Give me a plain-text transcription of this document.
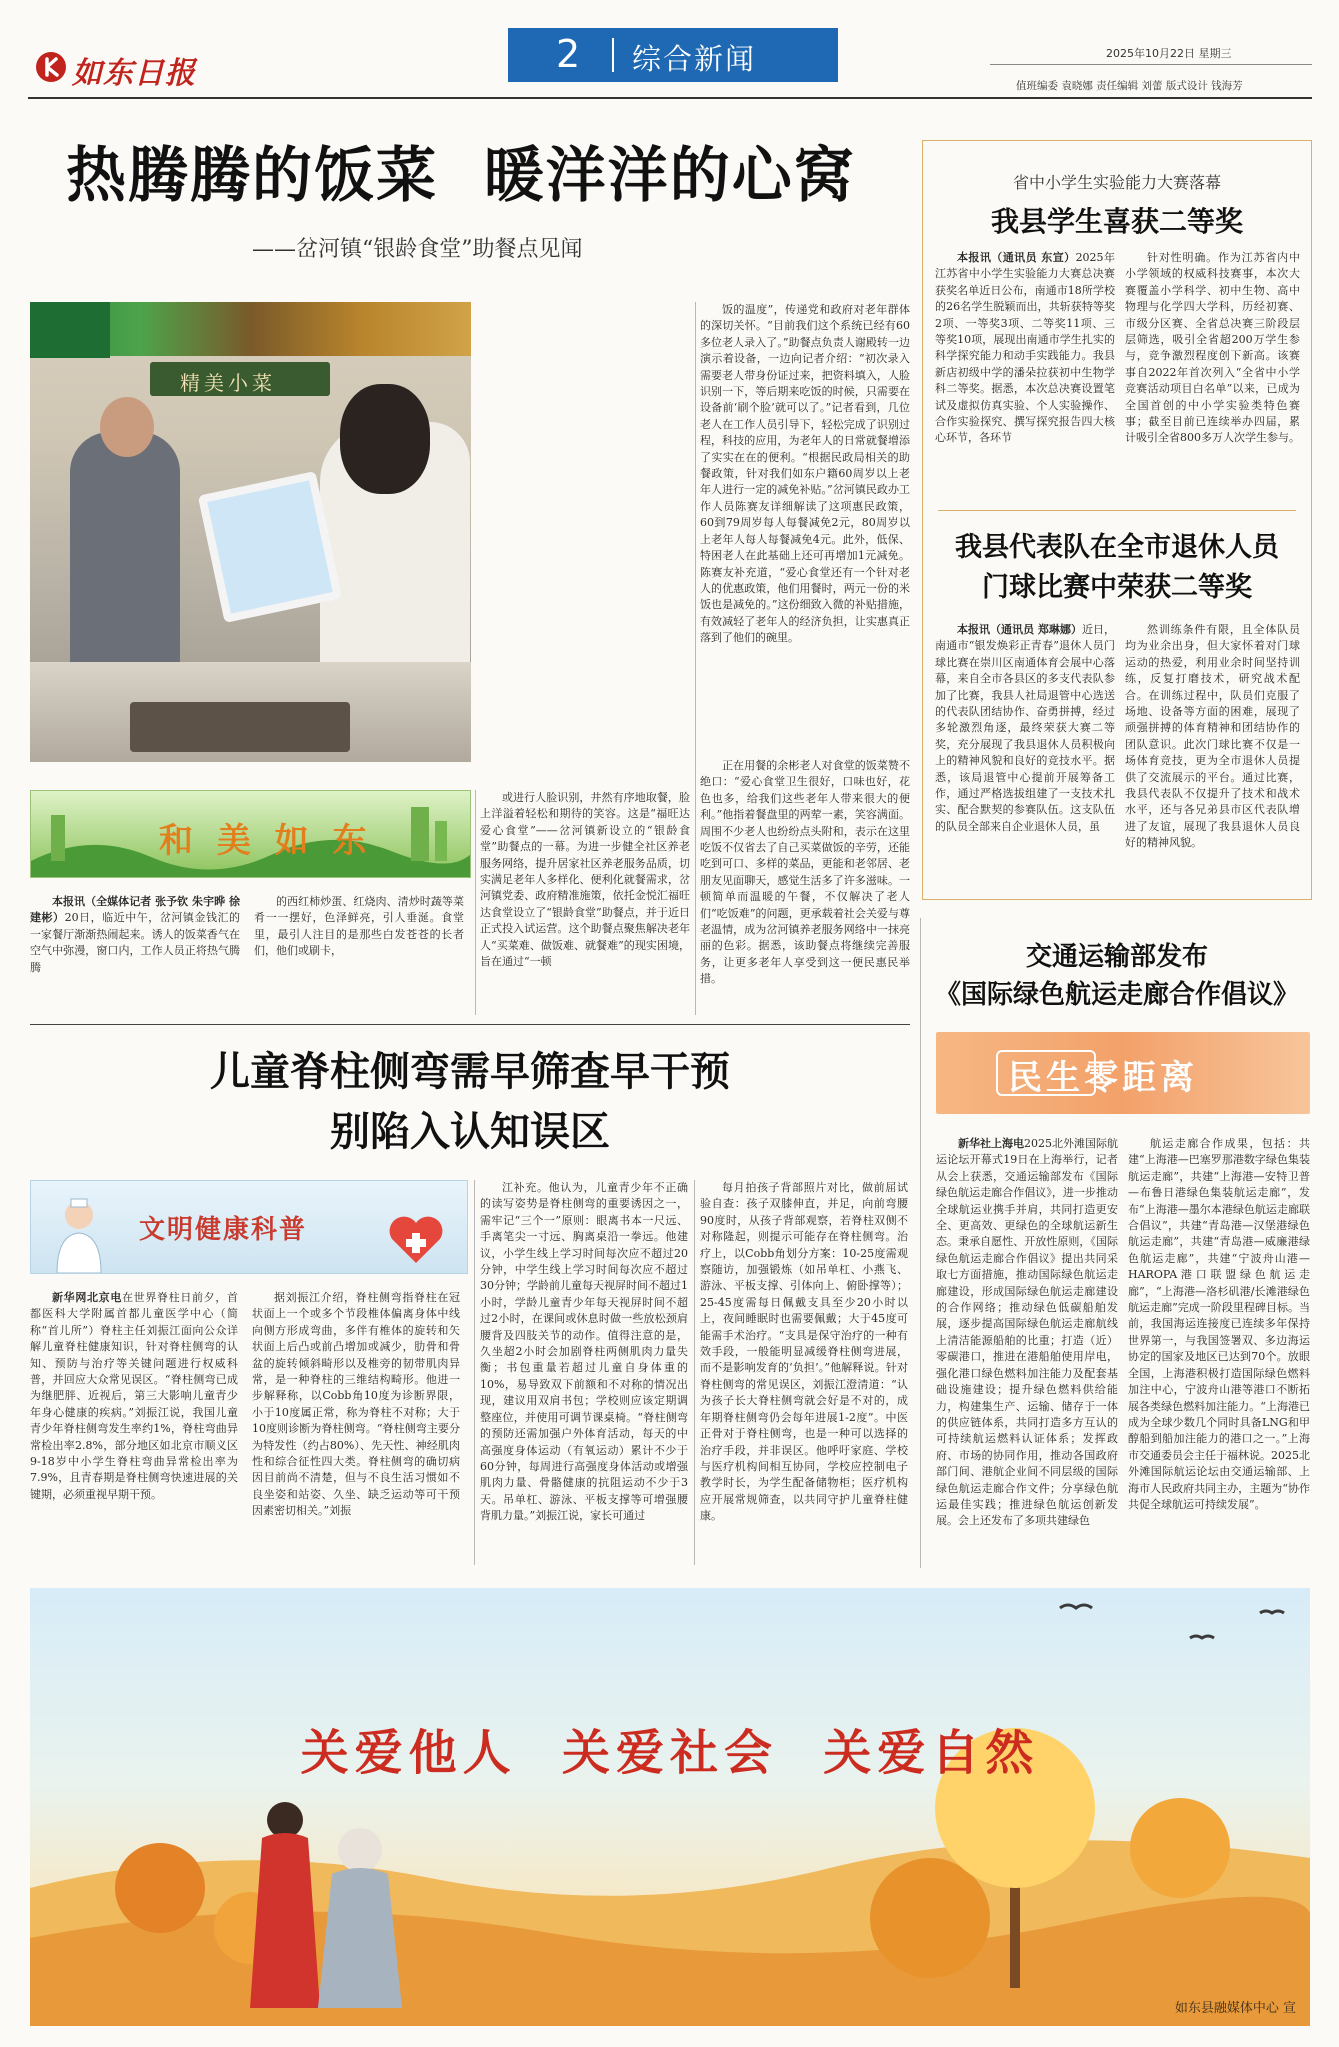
如东日报	2 综合新闻	2025年10月22日 星期三
值班编委 袁晓娜 责任编辑 刘蕾 版式设计 钱海芳
热腾腾的饭菜  暖洋洋的心窝
——岔河镇“银龄食堂”助餐点见闻
精美小菜
和 美 如 东
本报讯（全媒体记者 张予钦 朱宇晔 徐建彬）20日，临近中午，岔河镇金钱汇的一家餐厅渐渐热闹起来。诱人的饭菜香气在空气中弥漫，窗口内，工作人员正将热气腾腾
的西红柿炒蛋、红烧肉、清炒时蔬等菜肴一一摆好，色泽鲜亮，引人垂涎。食堂里，最引人注目的是那些白发苍苍的长者们，他们或刷卡，
或进行人脸识别，井然有序地取餐，脸上洋溢着轻松和期待的笑容。这是“福旺达爱心食堂”——岔河镇新设立的“银龄食堂”助餐点的一幕。为进一步健全社区养老服务网络，提升居家社区养老服务品质，切实满足老年人多样化、便利化就餐需求，岔河镇党委、政府精准施策，依托金悦汇福旺达食堂设立了“银龄食堂”助餐点，并于近日正式投入试运营。这个助餐点聚焦解决老年人“买菜难、做饭难、就餐难”的现实困境，旨在通过“一顿
饭的温度”，传递党和政府对老年群体的深切关怀。“目前我们这个系统已经有60多位老人录入了。”助餐点负责人谢殿转一边演示着设备，一边向记者介绍：“初次录入需要老人带身份证过来，把资料填入，人脸识别一下，等后期来吃饭的时候，只需要在设备前‘刷个脸’就可以了。”记者看到，几位老人在工作人员引导下，轻松完成了识别过程，科技的应用，为老年人的日常就餐增添了实实在在的便利。“根据民政局相关的助餐政策，针对我们如东户籍60周岁以上老年人进行一定的减免补贴。”岔河镇民政办工作人员陈赛友详细解读了这项惠民政策，60到79周岁每人每餐减免2元，80周岁以上老年人每人每餐减免4元。此外，低保、特困老人在此基础上还可再增加1元减免。陈赛友补充道，“爱心食堂还有一个针对老人的优惠政策，他们用餐时，两元一份的米饭也是减免的。”这份细致入微的补贴措施，有效减轻了老年人的经济负担，让实惠真正落到了他们的碗里。
正在用餐的余彬老人对食堂的饭菜赞不绝口：“爱心食堂卫生很好，口味也好，花色也多，给我们这些老年人带来很大的便利。”他指着餐盘里的两荤一素，笑容满面。周围不少老人也纷纷点头附和，表示在这里吃饭不仅省去了自己买菜做饭的辛劳，还能吃到可口、多样的菜品，更能和老邻居、老朋友见面聊天，感觉生活多了许多滋味。一顿简单而温暖的午餐，不仅解决了老人们“吃饭难”的问题，更承载着社会关爱与尊老温情，成为岔河镇养老服务网络中一抹亮丽的色彩。据悉，该助餐点将继续完善服务，让更多老年人享受到这一便民惠民举措。
省中小学生实验能力大赛落幕
我县学生喜获二等奖
本报讯（通讯员 东宣）2025年江苏省中小学生实验能力大赛总决赛获奖名单近日公布，南通市18所学校的26名学生脱颖而出，共斩获特等奖2项、一等奖3项、二等奖11项、三等奖10项，展现出南通市学生扎实的科学探究能力和动手实践能力。我县新店初级中学的潘朵拉获初中生物学科二等奖。据悉，本次总决赛设置笔试及虚拟仿真实验、个人实验操作、合作实验探究、撰写探究报告四大核心环节，各环节
针对性明确。作为江苏省内中小学领域的权威科技赛事，本次大赛覆盖小学科学、初中生物、高中物理与化学四大学科，历经初赛、市级分区赛、全省总决赛三阶段层层筛选，吸引全省超200万学生参与，竞争激烈程度创下新高。该赛事自2022年首次列入“全省中小学竞赛活动项目白名单”以来，已成为全国首创的中小学实验类特色赛事；截至目前已连续举办四届，累计吸引全省800多万人次学生参与。
我县代表队在全市退休人员
门球比赛中荣获二等奖
本报讯（通讯员 郑琳娜）近日，南通市“银发焕彩正青春”退休人员门球比赛在崇川区南通体育会展中心落幕，来自全市各县区的多支代表队参加了比赛，我县人社局退管中心选送的代表队团结协作、奋勇拼搏，经过多轮激烈角逐，最终荣获大赛二等奖，充分展现了我县退休人员积极向上的精神风貌和良好的竞技水平。据悉，该局退管中心提前开展筹备工作，通过严格选拔组建了一支技术扎实、配合默契的参赛队伍。这支队伍的队员全部来自企业退休人员，虽
然训练条件有限，且全体队员均为业余出身，但大家怀着对门球运动的热爱，利用业余时间坚持训练，反复打磨技术，研究战术配合。在训练过程中，队员们克服了场地、设备等方面的困难，展现了顽强拼搏的体育精神和团结协作的团队意识。此次门球比赛不仅是一场体育竞技，更为全市退休人员提供了交流展示的平台。通过比赛，我县代表队不仅提升了技术和战术水平，还与各兄弟县市区代表队增进了友谊，展现了我县退休人员良好的精神风貌。
交通运输部发布
《国际绿色航运走廊合作倡议》
民生零距离
新华社上海电2025北外滩国际航运论坛开幕式19日在上海举行，记者从会上获悉，交通运输部发布《国际绿色航运走廊合作倡议》，进一步推动全球航运业携手并肩，共同打造更安全、更高效、更绿色的全球航运新生态。秉承自愿性、开放性原则，《国际绿色航运走廊合作倡议》提出共同采取七方面措施，推动国际绿色航运走廊建设，形成国际绿色航运走廊建设的合作网络；推动绿色低碳船舶发展，逐步提高国际绿色航运走廊航线上清洁能源船舶的比重；打造（近）零碳港口，推进在港船舶使用岸电，强化港口绿色燃料加注能力及配套基础设施建设；提升绿色燃料供给能力，构建集生产、运输、储存于一体的供应链体系，共同打造多方互认的可持续航运燃料认证体系；发挥政府、市场的协同作用，推动各国政府部门间、港航企业间不同层级的国际绿色航运走廊合作文件；分享绿色航运最佳实践；推进绿色航运创新发展。会上还发布了多项共建绿色
航运走廊合作成果，包括：共建“上海港—巴塞罗那港数字绿色集装航运走廊”，共建“上海港—安特卫普—布鲁日港绿色集装航运走廊”，发布“上海港—墨尔本港绿色航运走廊联合倡议”，共建“青岛港—汉堡港绿色航运走廊”，共建“青岛港—威廉港绿色航运走廊”，共建“宁波舟山港—HAROPA港口联盟绿色航运走廊”，“上海港—洛杉矶港/长滩港绿色航运走廊”完成一阶段里程碑目标。当前，我国海运连接度已连续多年保持世界第一，与我国签署双、多边海运协定的国家及地区已达到70个。放眼全国，上海港积极打造国际绿色燃料加注中心，宁波舟山港等港口不断拓展各类绿色燃料加注能力。“上海港已成为全球少数几个同时具备LNG和甲醇船到船加注能力的港口之一。”上海市交通委员会主任于福林说。2025北外滩国际航运论坛由交通运输部、上海市人民政府共同主办，主题为“协作共促全球航运可持续发展”。
儿童脊柱侧弯需早筛查早干预
别陷入认知误区
文明健康科普
新华网北京电在世界脊柱日前夕，首都医科大学附属首都儿童医学中心（简称“首儿所”）脊柱主任刘振江面向公众详解儿童脊柱健康知识，针对脊柱侧弯的认知、预防与治疗等关键问题进行权威科普，并回应大众常见误区。“脊柱侧弯已成为继肥胖、近视后，第三大影响儿童青少年身心健康的疾病。”刘振江说，我国儿童青少年脊柱侧弯发生率约1%，脊柱弯曲异常检出率2.8%，部分地区如北京市顺义区9-18岁中小学生脊柱弯曲异常检出率为7.9%，且青春期是脊柱侧弯快速进展的关键期，必须重视早期干预。
据刘振江介绍，脊柱侧弯指脊柱在冠状面上一个或多个节段椎体偏离身体中线向侧方形成弯曲，多伴有椎体的旋转和矢状面上后凸或前凸增加或减少，肋骨和骨盆的旋转倾斜畸形以及椎旁的韧带肌肉异常，是一种脊柱的三维结构畸形。他进一步解释称，以Cobb角10度为诊断界限，小于10度属正常，称为脊柱不对称；大于10度则诊断为脊柱侧弯。“脊柱侧弯主要分为特发性（约占80%）、先天性、神经肌肉性和综合征性四大类。脊柱侧弯的确切病因目前尚不清楚，但与不良生活习惯如不良坐姿和站姿、久坐、缺乏运动等可干预因素密切相关。”刘振
江补充。他认为，儿童青少年不正确的读写姿势是脊柱侧弯的重要诱因之一，需牢记“三个一”原则：眼离书本一尺远、手离笔尖一寸远、胸离桌沿一拳远。他建议，小学生线上学习时间每次应不超过20分钟，中学生线上学习时间每次应不超过30分钟；学龄前儿童每天视屏时间不超过1小时，学龄儿童青少年每天视屏时间不超过2小时，在课间或休息时做一些放松颈肩腰背及四肢关节的动作。值得注意的是，久坐超2小时会加剧脊柱两侧肌肉力量失衡；书包重量若超过儿童自身体重的10%，易导致双下前额和不对称的情况出现，建议用双肩书包；学校则应该定期调整座位，并使用可调节课桌椅。“脊柱侧弯的预防还需加强户外体育活动，每天的中高强度身体运动（有氧运动）累计不少于60分钟，每周进行高强度身体活动或增强肌肉力量、骨骼健康的抗阻运动不少于3天。吊单杠、游泳、平板支撑等可增强腰背肌力量。”刘振江说，家长可通过
每月拍孩子背部照片对比，做前屈试验自查：孩子双膝伸直，并足，向前弯腰90度时，从孩子背部观察，若脊柱双侧不对称隆起，则提示可能存在脊柱侧弯。治疗上，以Cobb角划分方案：10-25度需观察随访，加强锻炼（如吊单杠、小燕飞、游泳、平板支撑、引体向上、俯卧撑等）；25-45度需每日佩戴支具至少20小时以上，夜间睡眠时也需要佩戴；大于45度可能需手术治疗。“支具是保守治疗的一种有效手段，一般能明显减缓脊柱侧弯进展，而不是影响发育的‘负担’。”他解释说。针对脊柱侧弯的常见误区，刘振江澄清道：“认为孩子长大脊柱侧弯就会好是不对的，成年期脊柱侧弯仍会每年进展1-2度”。中医正骨对于脊柱侧弯，也是一种可以选择的治疗手段，并非误区。他呼吁家庭、学校与医疗机构间相互协同，学校应控制电子教学时长，为学生配备储物柜；医疗机构应开展常规筛查，以共同守护儿童脊柱健康。
关爱他人  关爱社会  关爱自然
如东县融媒体中心 宣
